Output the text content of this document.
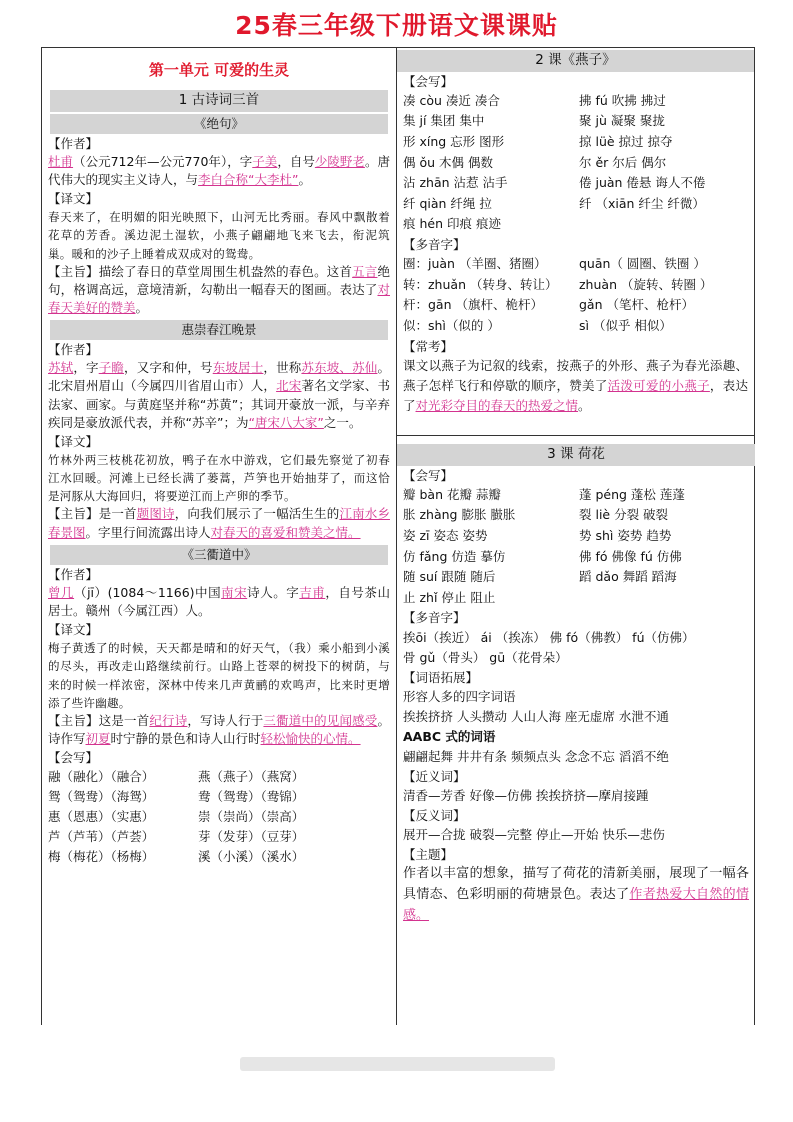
25春三年级下册语文课课贴
第一单元 可爱的生灵
1 古诗词三首
《绝句》
【作者】
杜甫（公元712年—公元770年），字子美，自号少陵野老。唐代伟大的现实主义诗人，与李白合称“大李杜”。
【译文】
春天来了，在明媚的阳光映照下，山河无比秀丽。春风中飘散着花草的芳香。溪边泥土湿软，小燕子翩翩地飞来飞去，衔泥筑巢。暖和的沙子上睡着成双成对的鸳鸯。
【主旨】描绘了春日的草堂周围生机盎然的春色。这首五言绝句，格调高远，意境清新，勾勒出一幅春天的图画。表达了对春天美好的赞美。
惠崇春江晚景
【作者】
苏轼，字子瞻，又字和仲，号东坡居士，世称苏东坡、苏仙。北宋眉州眉山（今属四川省眉山市）人，北宋著名文学家、书法家、画家。与黄庭坚并称“苏黄”；其词开豪放一派，与辛弃疾同是豪放派代表，并称“苏辛”；为“唐宋八大家”之一。
【译文】
竹林外两三枝桃花初放，鸭子在水中游戏，它们最先察觉了初春江水回暖。河滩上已经长满了蒌蒿，芦笋也开始抽芽了，而这恰是河豚从大海回归，将要逆江而上产卵的季节。
【主旨】是一首题图诗，向我们展示了一幅活生生的江南水乡春景图。字里行间流露出诗人对春天的喜爱和赞美之情。
《三衢道中》
【作者】
曾几（jī）(1084～1166)中国南宋诗人。字吉甫，自号茶山居士。赣州（今属江西）人。
【译文】
梅子黄透了的时候，天天都是晴和的好天气，（我）乘小船到小溪的尽头，再改走山路继续前行。山路上苍翠的树投下的树荫，与来的时候一样浓密，深林中传来几声黄鹂的欢鸣声，比来时更增添了些许幽趣。
【主旨】这是一首纪行诗，写诗人行于三衢道中的见闻感受。诗作写初夏时宁静的景色和诗人山行时轻松愉快的心情。
【会写】
融（融化）（融合）	燕（燕子）（燕窝）
鸳（鸳鸯）（海鸳）	鸯（鸳鸯）（鸯锦）
惠（恩惠）（实惠）	崇（崇尚）（崇高）
芦（芦苇）（芦荟）	芽（发芽）（豆芽）
梅（梅花）（杨梅）	溪（小溪）（溪水）
2 课《燕子》
【会写】
凑 còu 凑近 凑合	拂 fú 吹拂 拂过
集 jí 集团 集中	聚 jù 凝聚 聚拢
形 xíng 忘形 图形	掠 lüè 掠过 掠夺
偶 ǒu 木偶 偶数	尔 ěr 尔后 偶尔
沾 zhān 沾惹 沾手	倦 juàn 倦悬 诲人不倦
纤 qiàn 纤绳 拉	纤 （xiān 纤尘 纤微）
痕 hén 印痕 痕迹
【多音字】
圈：juàn （羊圈、猪圈）	quān（ 圆圈、铁圈 ）
转：zhuǎn （转身、转让）	zhuàn （旋转、转圈 ）
杆：gān （旗杆、桅杆）	gǎn （笔杆、枪杆）
似：shì（似的 ）	sì （似乎 相似）
【常考】
课文以燕子为记叙的线索，按燕子的外形、燕子为春光添趣、燕子怎样飞行和停歇的顺序，赞美了活泼可爱的小燕子，表达了对光彩夺目的春天的热爱之情。
3 课 荷花
【会写】
瓣 bàn 花瓣 蒜瓣	蓬 péng 蓬松 莲蓬
胀 zhàng 膨胀 臌胀	裂 liè 分裂 破裂
姿 zī 姿态 姿势	势 shì 姿势 趋势
仿 fǎng 仿造 摹仿	佛 fó 佛像 fú 仿佛
随 suí 跟随 随后	蹈 dǎo 舞蹈 蹈海
止 zhǐ 停止 阻止
【多音字】
挨ōi（挨近） ái （挨冻） 佛 fó（佛教） fú（仿佛）
骨 gǔ（骨头） gū（花骨朵）
【词语拓展】
形容人多的四字词语
挨挨挤挤 人头攒动 人山人海 座无虚席 水泄不通
AABC 式的词语
翩翩起舞 井井有条 频频点头 念念不忘 滔滔不绝
【近义词】
清香—芳香 好像—仿佛 挨挨挤挤—摩肩接踵
【反义词】
展开—合拢 破裂—完整 停止—开始 快乐—悲伤
【主题】
作者以丰富的想象，描写了荷花的清新美丽，展现了一幅各具情态、色彩明丽的荷塘景色。表达了作者热爱大自然的情感。
